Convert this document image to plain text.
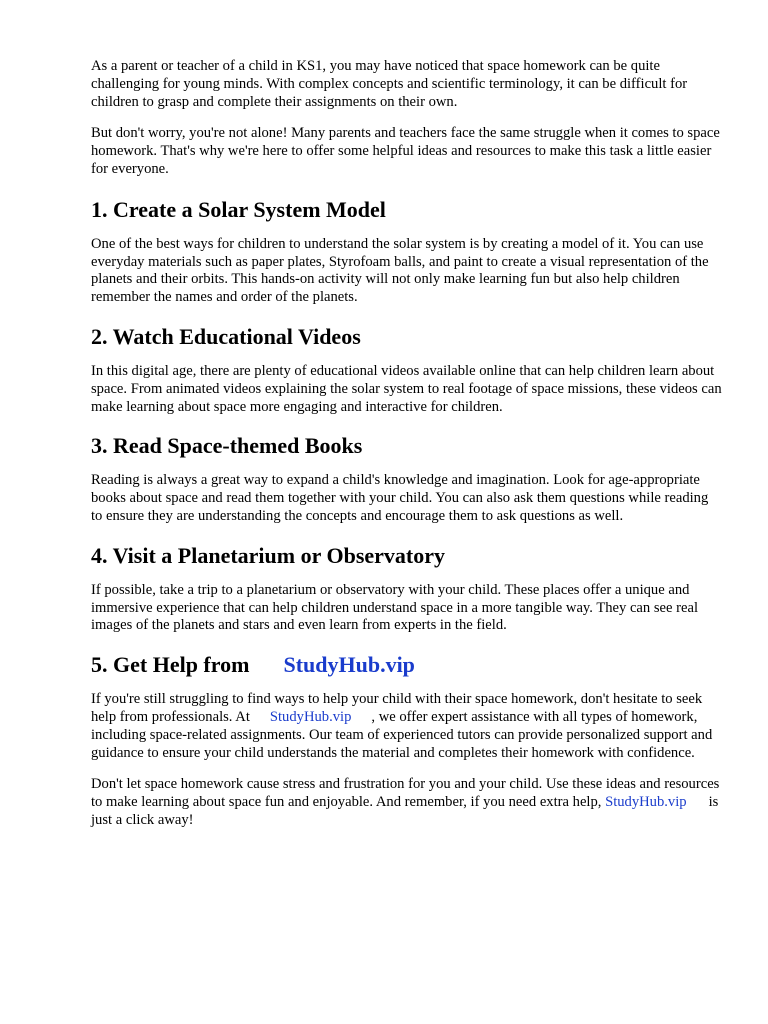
As a parent or teacher of a child in KS1, you may have noticed that space homework can be quite challenging for young minds. With complex concepts and scientific terminology, it can be difficult for children to grasp and complete their assignments on their own.

But don't worry, you're not alone! Many parents and teachers face the same struggle when it comes to space homework. That's why we're here to offer some helpful ideas and resources to make this task a little easier for everyone.

1. Create a Solar System Model

One of the best ways for children to understand the solar system is by creating a model of it. You can use everyday materials such as paper plates, Styrofoam balls, and paint to create a visual representation of the planets and their orbits. This hands-on activity will not only make learning fun but also help children remember the names and order of the planets.

2. Watch Educational Videos

In this digital age, there are plenty of educational videos available online that can help children learn about space. From animated videos explaining the solar system to real footage of space missions, these videos can make learning about space more engaging and interactive for children.

3. Read Space-themed Books

Reading is always a great way to expand a child's knowledge and imagination. Look for age-appropriate books about space and read them together with your child. You can also ask them questions while reading to ensure they are understanding the concepts and encourage them to ask questions as well.

4. Visit a Planetarium or Observatory

If possible, take a trip to a planetarium or observatory with your child. These places offer a unique and immersive experience that can help children understand space in a more tangible way. They can see real images of the planets and stars and even learn from experts in the field.

5. Get Help from StudyHub.vip

If you're still struggling to find ways to help your child with their space homework, don't hesitate to seek help from professionals. At StudyHub.vip , we offer expert assistance with all types of homework, including space-related assignments. Our team of experienced tutors can provide personalized support and guidance to ensure your child understands the material and completes their homework with confidence.

Don't let space homework cause stress and frustration for you and your child. Use these ideas and resources to make learning about space fun and enjoyable. And remember, if you need extra help, StudyHub.vip is just a click away!
